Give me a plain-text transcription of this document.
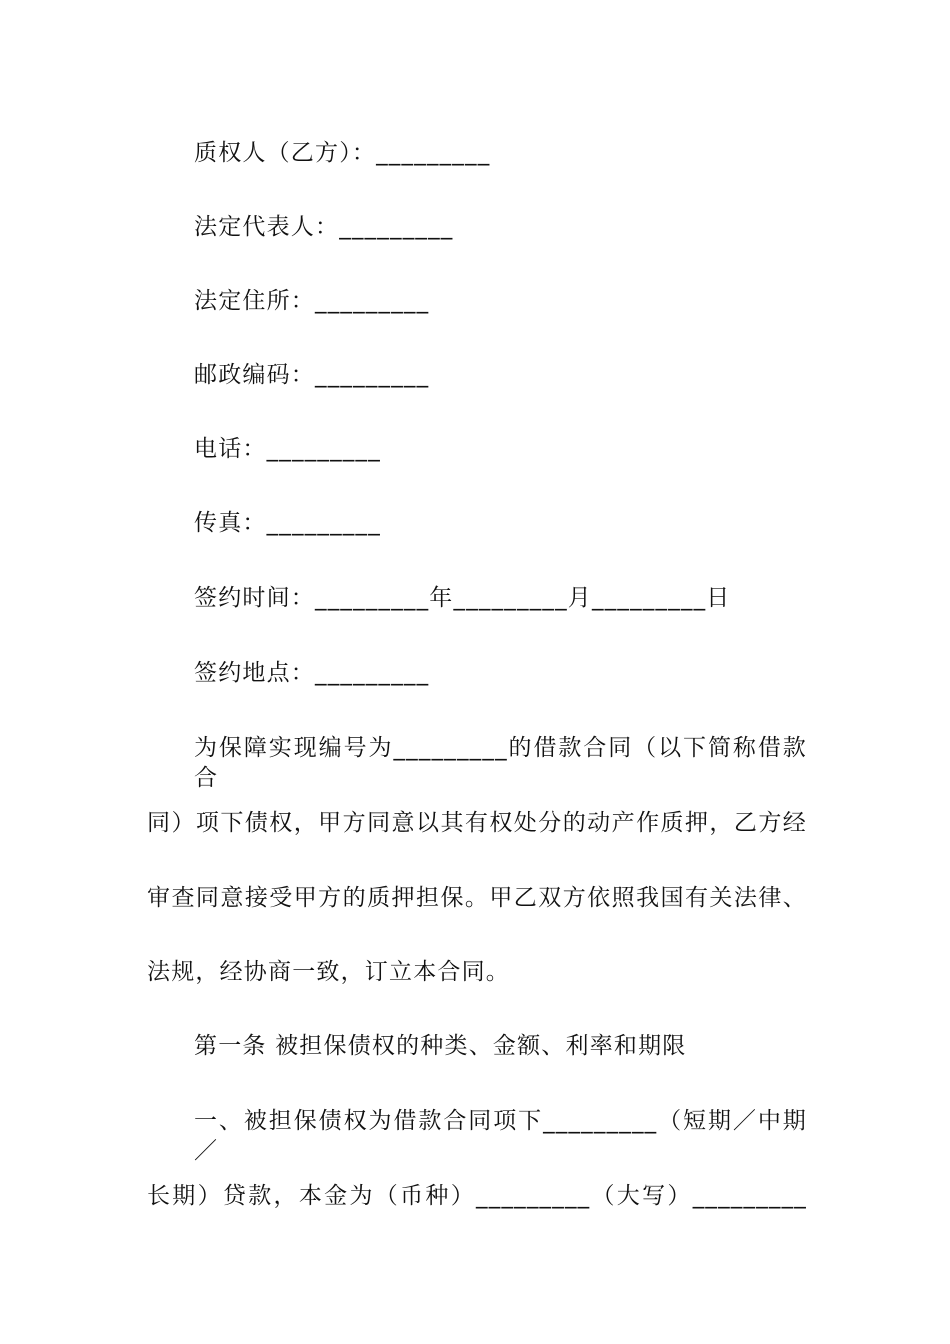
质权人（乙方）：_________
法定代表人：_________
法定住所：_________
邮政编码：_________
电话：_________
传真：_________
签约时间：_________年_________月_________日
签约地点：_________
为保障实现编号为_________的借款合同（以下简称借款合
同）项下债权，甲方同意以其有权处分的动产作质押，乙方经
审查同意接受甲方的质押担保。甲乙双方依照我国有关法律、
法规，经协商一致，订立本合同。
第一条 被担保债权的种类、金额、利率和期限
一、被担保债权为借款合同项下_________（短期／中期／
长期）贷款，本金为（币种）_________（大写）_________
